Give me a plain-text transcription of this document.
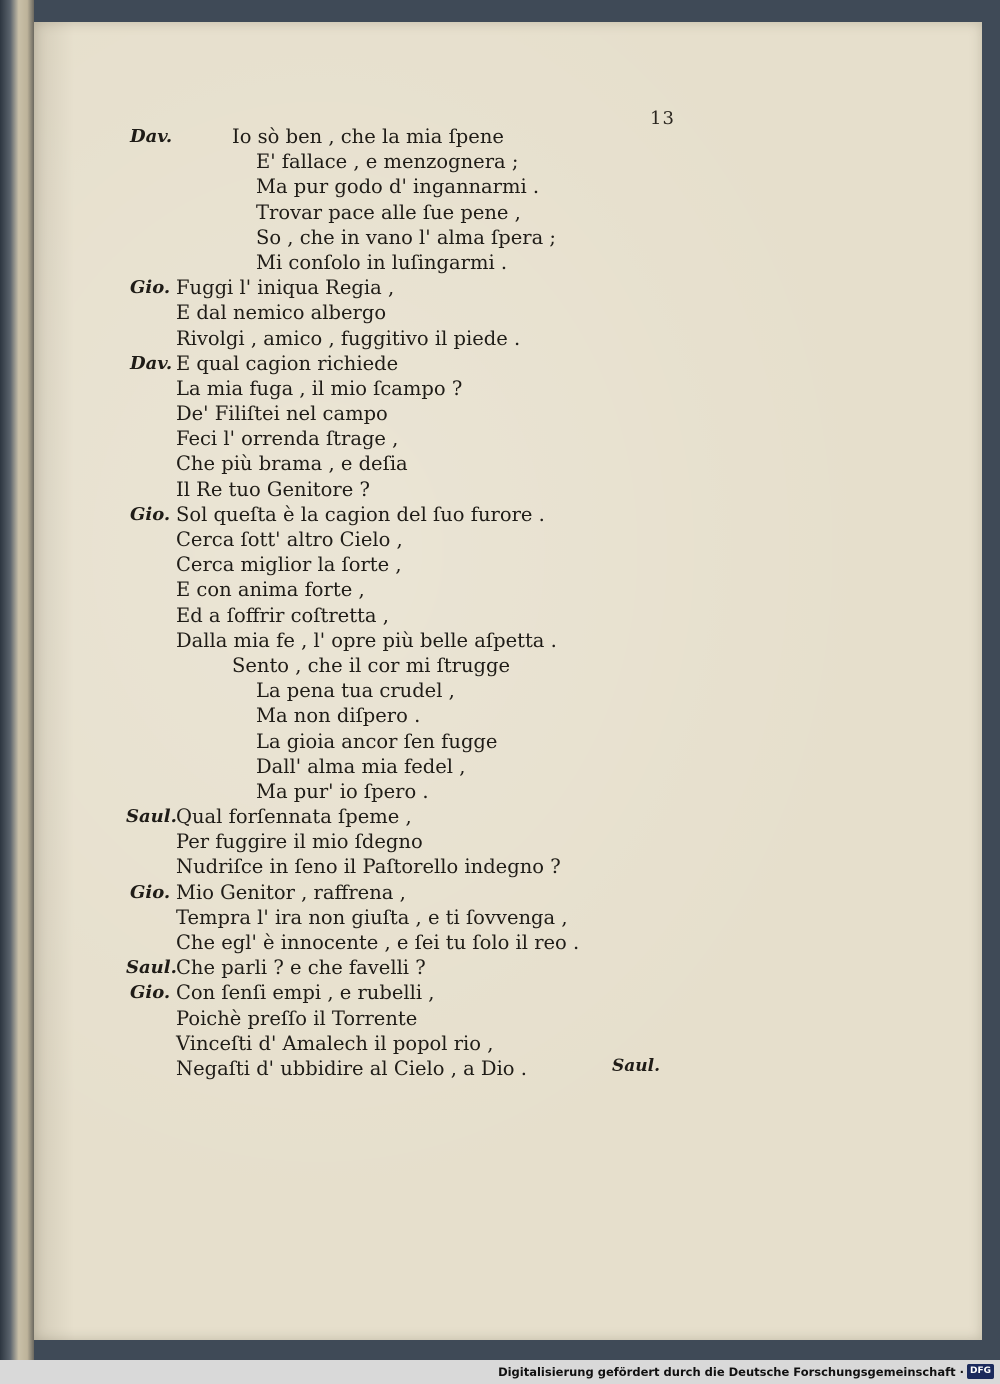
13
Dav.	Io sò ben , che la mia ſpene
E' fallace , e menzognera ;
Ma pur godo d' ingannarmi .
Trovar pace alle ſue pene ,
So , che in vano l' alma ſpera ;
Mi conſolo in luſingarmi .
Gio. Fuggi l' iniqua Regia ,
E dal nemico albergo
Rivolgi , amico , fuggitivo il piede .
Dav. E qual cagion richiede
La mia fuga , il mio ſcampo ?
De' Filiſtei nel campo
Feci l' orrenda ſtrage ,
Che più brama , e deſia
Il Re tuo Genitore ?
Gio. Sol queſta è la cagion del ſuo furore .
Cerca ſott' altro Cielo ,
Cerca miglior la ſorte ,
E con anima forte ,
Ed a ſoffrir coſtretta ,
Dalla mia fe , l' opre più belle aſpetta .
Sento , che il cor mi ſtrugge
La pena tua crudel ,
Ma non diſpero .
La gioia ancor ſen fugge
Dall' alma mia fedel ,
Ma pur' io ſpero .
Saul. Qual forſennata ſpeme ,
Per fuggire il mio ſdegno
Nudriſce in ſeno il Paſtorello indegno ?
Gio. Mio Genitor , raffrena ,
Tempra l' ira non giuſta , e ti ſovvenga ,
Che egl' è innocente , e ſei tu ſolo il reo .
Saul. Che parli ? e che favelli ?
Gio. Con ſenſi empi , e rubelli ,
Poichè preſſo il Torrente
Vinceſti d' Amalech il popol rio ,
Negaſti d' ubbidire al Cielo , a Dio .	Saul.
Digitalisierung gefördert durch die Deutsche Forschungsgemeinschaft · DFG
